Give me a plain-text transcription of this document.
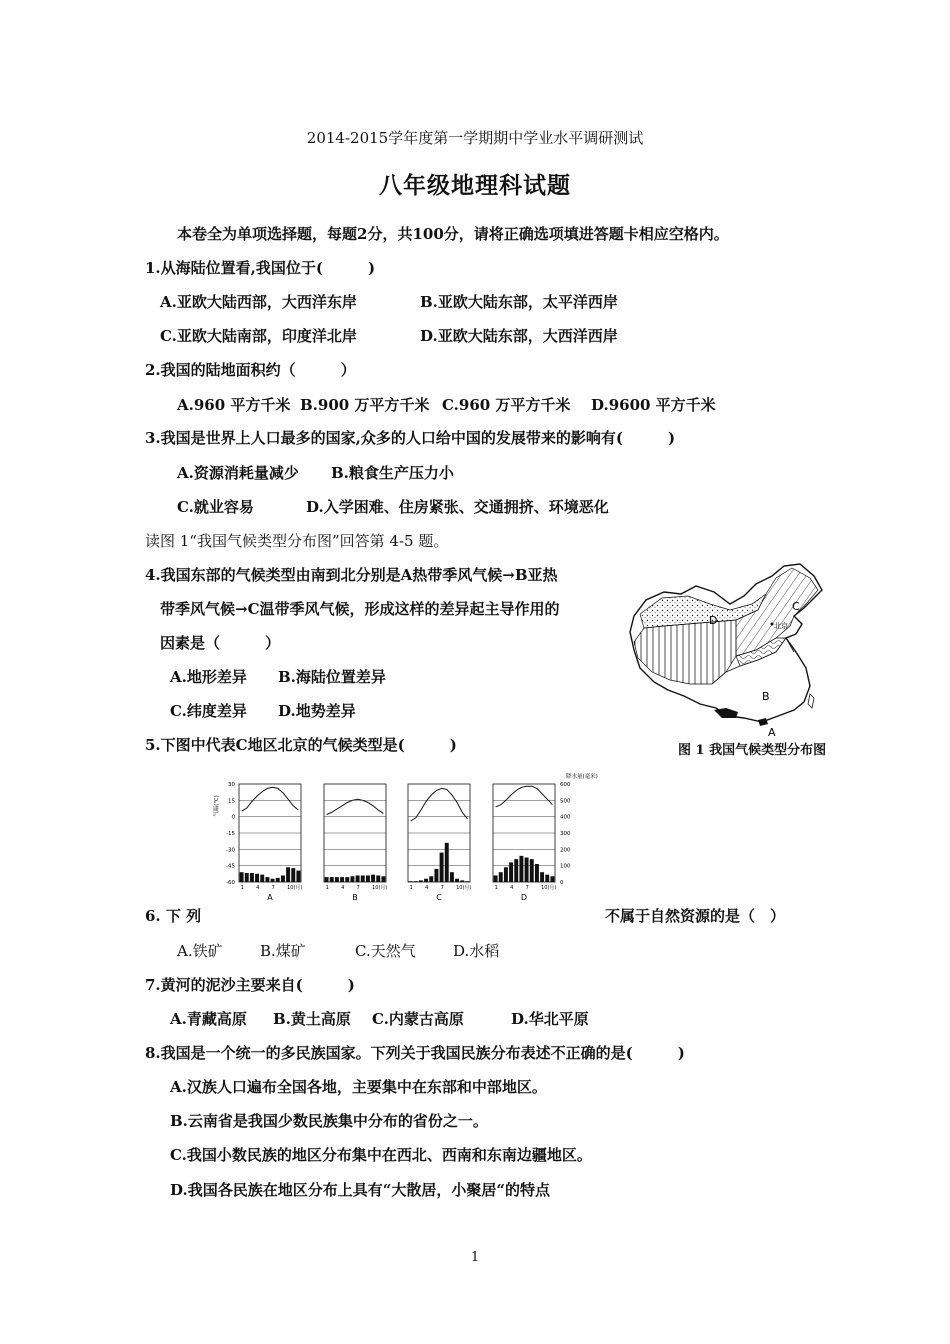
2014-2015学年度第一学期期中学业水平调研测试
八年级地理科试题
本卷全为单项选择题，每题2分，共100分，请将正确选项填进答题卡相应空格内。
1.从海陆位置看,我国位于(　　　)
A.亚欧大陆西部，大西洋东岸	B.亚欧大陆东部，太平洋西岸
C.亚欧大陆南部，印度洋北岸	D.亚欧大陆东部，大西洋西岸
2.我国的陆地面积约（　　　）
A.960 平方千米 B.900 万平方千米 C.960 万平方千米 D.9600 平方千米
3.我国是世界上人口最多的国家,众多的人口给中国的发展带来的影响有(　　　)
A.资源消耗量减少 B.粮食生产压力小
C.就业容易	D.入学困难、住房紧张、交通拥挤、环境恶化
读图 1“我国气候类型分布图”回答第 4-5 题。
4.我国东部的气候类型由南到北分别是A热带季风气候→B亚热
带季风气候→C温带季风气候，形成这样的差异起主导作用的
因素是（　　　）
A.地形差异 B.海陆位置差异
C.纬度差异 D.地势差异
D
C
B
A
北京
图 1 我国气候类型分布图
5.下图中代表C地区北京的气候类型是(　　　)
30
15
0
-15
-30
-45
-60
气温(℃)
600
500
400
300
200
100
0
降水量(毫米)
1 4 7 10(月)
A
1 4 7 10(月)
B
1 4 7 10(月)
C
1 4 7 10(月)
D
6. 下 列	不属于自然资源的是（　）
A.铁矿 B.煤矿	C.天然气 D.水稻
7.黄河的泥沙主要来自(　　　)
A.青藏高原 B.黄土高原 C.内蒙古高原	D.华北平原
8.我国是一个统一的多民族国家。下列关于我国民族分布表述不正确的是(　　　)
A.汉族人口遍布全国各地，主要集中在东部和中部地区。
B.云南省是我国少数民族集中分布的省份之一。
C.我国小数民族的地区分布集中在西北、西南和东南边疆地区。
D.我国各民族在地区分布上具有“大散居，小聚居“的特点
1
